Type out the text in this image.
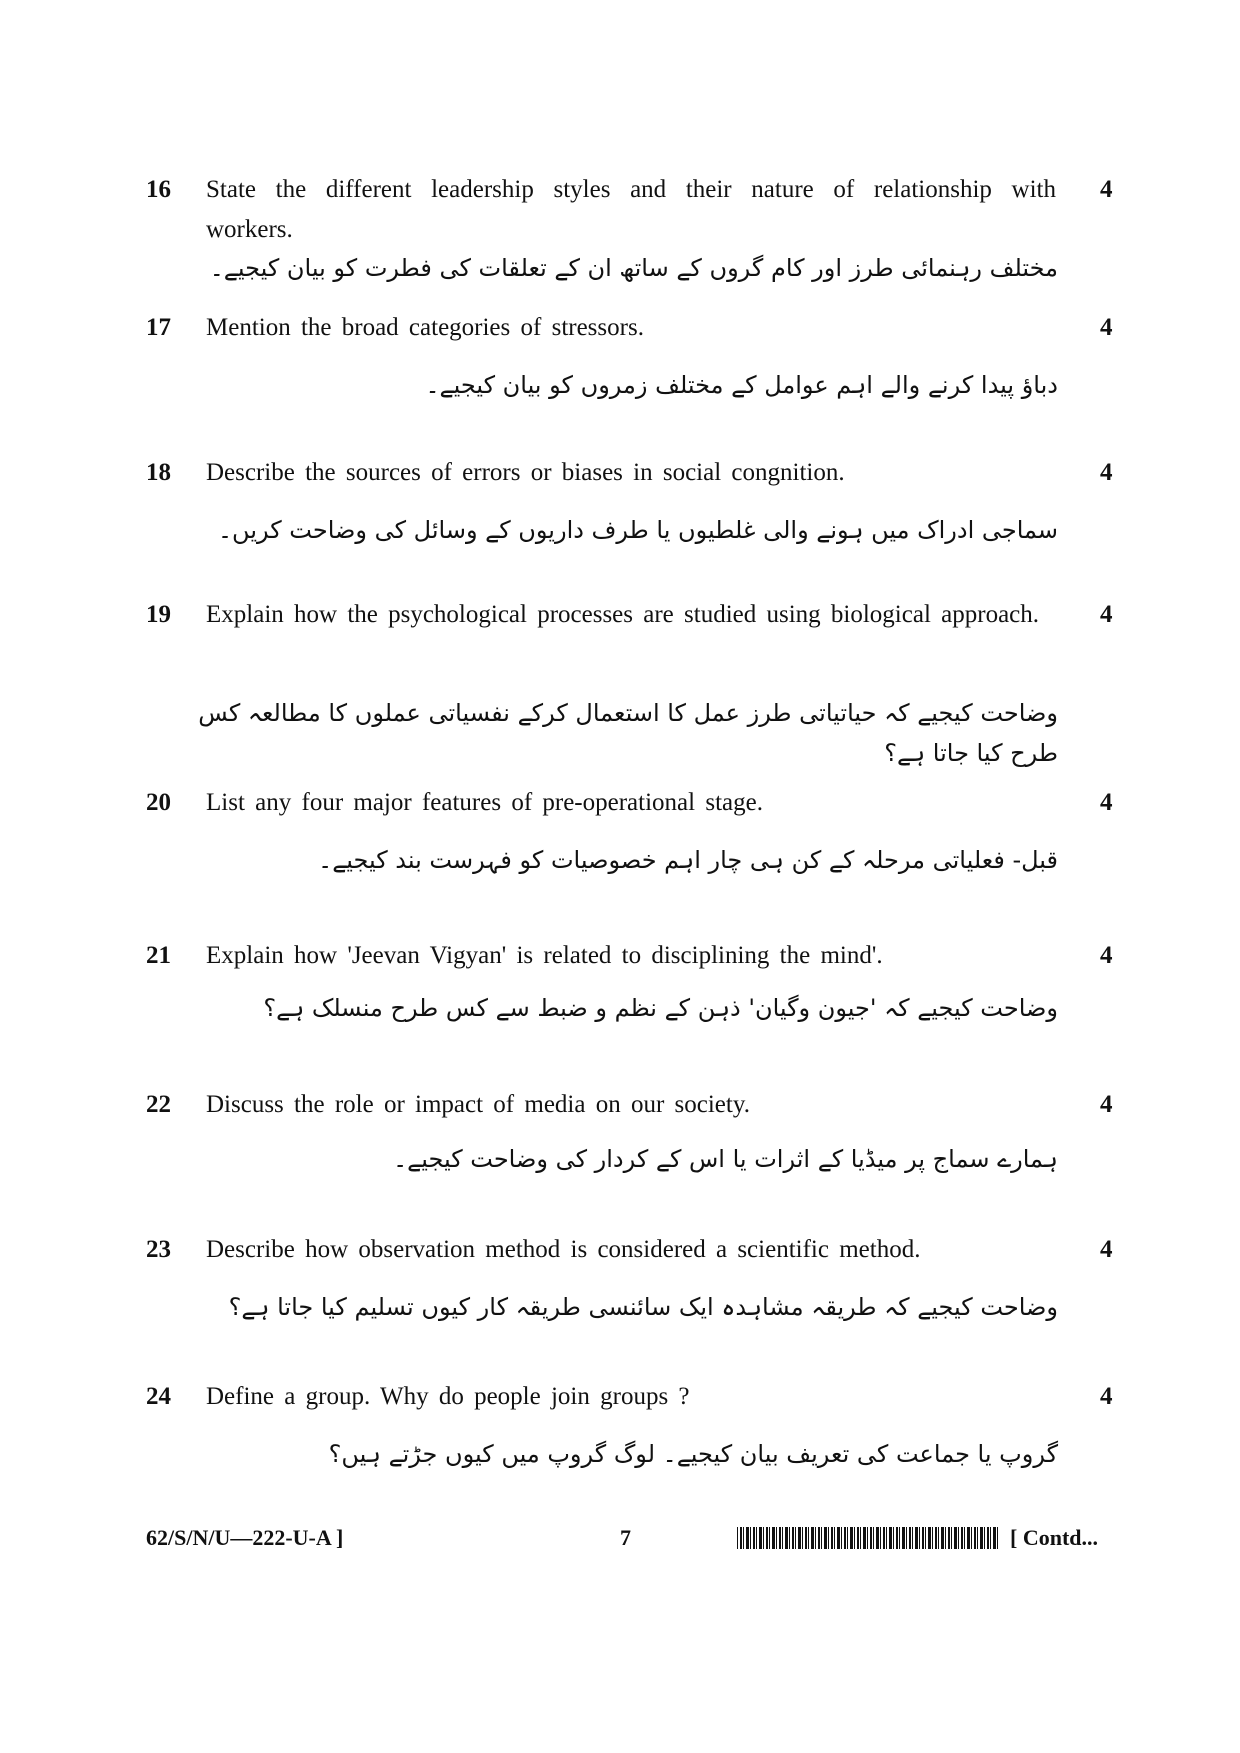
16 State the different leadership styles and their nature of relationship with workers.
4
مختلف رہنمائی طرز اور کام گروں کے ساتھ ان کے تعلقات کی فطرت کو بیان کیجیے۔
17 Mention the broad categories of stressors.	4
دباؤ پیدا کرنے والے اہم عوامل کے مختلف زمروں کو بیان کیجیے۔
18 Describe the sources of errors or biases in social congnition.	4
سماجی ادراک میں ہونے والی غلطیوں یا طرف داریوں کے وسائل کی وضاحت کریں۔
19 Explain how the psychological processes are studied using biological approach.	4
وضاحت کیجیے کہ حیاتیاتی طرز عمل کا استعمال کرکے نفسیاتی عملوں کا مطالعہ کس طرح کیا جاتا ہے؟
20 List any four major features of pre-operational stage.	4
قبل- فعلیاتی مرحلہ کے کن ہی چار اہم خصوصیات کو فہرست بند کیجیے۔
21 Explain how 'Jeevan Vigyan' is related to disciplining the mind'.	4
وضاحت کیجیے کہ 'جیون وگیان' ذہن کے نظم و ضبط سے کس طرح منسلک ہے؟
22 Discuss the role or impact of media on our society.	4
ہمارے سماج پر میڈیا کے اثرات یا اس کے کردار کی وضاحت کیجیے۔
23 Describe how observation method is considered a scientific method.	4
وضاحت کیجیے کہ طریقہ مشاہدہ ایک سائنسی طریقہ کار کیوں تسلیم کیا جاتا ہے؟
24 Define a group. Why do people join groups ?	4
گروپ یا جماعت کی تعریف بیان کیجیے۔ لوگ گروپ میں کیوں جڑتے ہیں؟
62/S/N/U—222-U-A ]	7	[ Contd...
